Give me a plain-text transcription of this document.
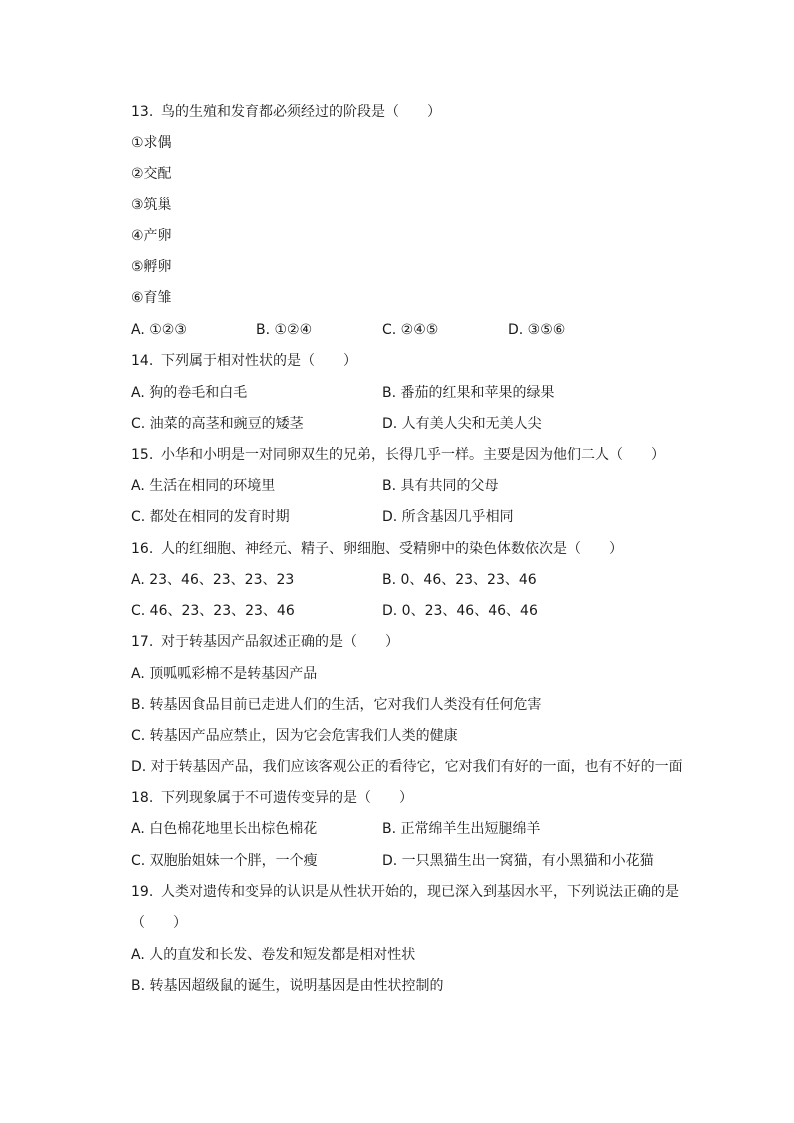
13. 鸟的生殖和发育都必须经过的阶段是（　　）
①求偶
②交配
③筑巢
④产卵
⑤孵卵
⑥育雏
A. ①②③	B. ①②④	C. ②④⑤	D. ③⑤⑥
14. 下列属于相对性状的是（　　）
A. 狗的卷毛和白毛	B. 番茄的红果和苹果的绿果
C. 油菜的高茎和豌豆的矮茎	D. 人有美人尖和无美人尖
15. 小华和小明是一对同卵双生的兄弟，长得几乎一样。主要是因为他们二人（　　）
A. 生活在相同的环境里	B. 具有共同的父母
C. 都处在相同的发育时期	D. 所含基因几乎相同
16. 人的红细胞、神经元、精子、卵细胞、受精卵中的染色体数依次是（　　）
A. 23、46、23、23、23	B. 0、46、23、23、46
C. 46、23、23、23、46	D. 0、23、46、46、46
17. 对于转基因产品叙述正确的是（　　）
A. 顶呱呱彩棉不是转基因产品
B. 转基因食品目前已走进人们的生活，它对我们人类没有任何危害
C. 转基因产品应禁止，因为它会危害我们人类的健康
D. 对于转基因产品，我们应该客观公正的看待它，它对我们有好的一面，也有不好的一面
18. 下列现象属于不可遗传变异的是（　　）
A. 白色棉花地里长出棕色棉花	B. 正常绵羊生出短腿绵羊
C. 双胞胎姐妹一个胖，一个瘦	D. 一只黑猫生出一窝猫，有小黑猫和小花猫
19. 人类对遗传和变异的认识是从性状开始的，现已深入到基因水平，下列说法正确的是
（　　）
A. 人的直发和长发、卷发和短发都是相对性状
B. 转基因超级鼠的诞生，说明基因是由性状控制的
